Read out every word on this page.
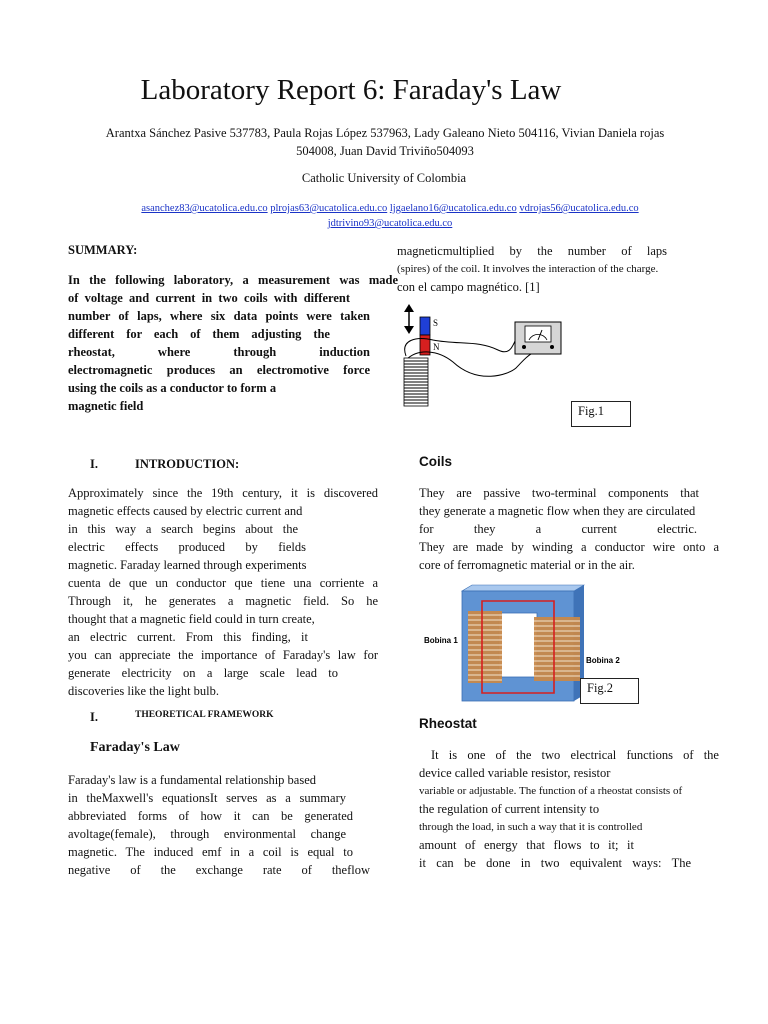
Laboratory Report 6: Faraday's Law
Arantxa Sánchez Pasive 537783, Paula Rojas López 537963, Lady Galeano Nieto 504116, Vivian Daniela rojas
504008, Juan David Triviño504093
Catholic University of Colombia
asanchez83@ucatolica.edu.co plrojas63@ucatolica.edu.co ljgaelano16@ucatolica.edu.co vdrojas56@ucatolica.edu.co
jdtrivino93@ucatolica.edu.co
SUMMARY:
In the following laboratory, a measurement was made
of voltage and current in two coils with different
number of laps, where six data points were taken
different for each of them adjusting the
rheostat, where through induction
electromagnetic produces an electromotive force
using the coils as a conductor to form a
magnetic field
I.	INTRODUCTION:
Approximately since the 19th century, it is discovered
magnetic effects caused by electric current and
in this way a search begins about the
electric effects produced by fields
magnetic. Faraday learned through experiments
cuenta de que un conductor que tiene una corriente a
Through it, he generates a magnetic field. So he
thought that a magnetic field could in turn create,
an electric current. From this finding, it
you can appreciate the importance of Faraday's law for
generate electricity on a large scale lead to
discoveries like the light bulb.
I.	THEORETICAL FRAMEWORK
Faraday's Law
Faraday's law is a fundamental relationship based
in theMaxwell's equationsIt serves as a summary
abbreviated forms of how it can be generated
avoltage(female), through environmental change
magnetic. The induced emf in a coil is equal to
negative of the exchange rate of theflow
magneticmultiplied by the number of laps
(spires) of the coil. It involves the interaction of the charge.
con el campo magnético. [1]
S
N
Fig.1
Coils
They are passive two-terminal components that
they generate a magnetic flow when they are circulated
for they a current electric.
They are made by winding a conductor wire onto a
core of ferromagnetic material or in the air.
Bobina 1
Bobina 2
Fig.2
Rheostat
It is one of the two electrical functions of the
device called variable resistor, resistor
variable or adjustable. The function of a rheostat consists of
the regulation of current intensity to
through the load, in such a way that it is controlled
amount of energy that flows to it; it
it can be done in two equivalent ways: The
